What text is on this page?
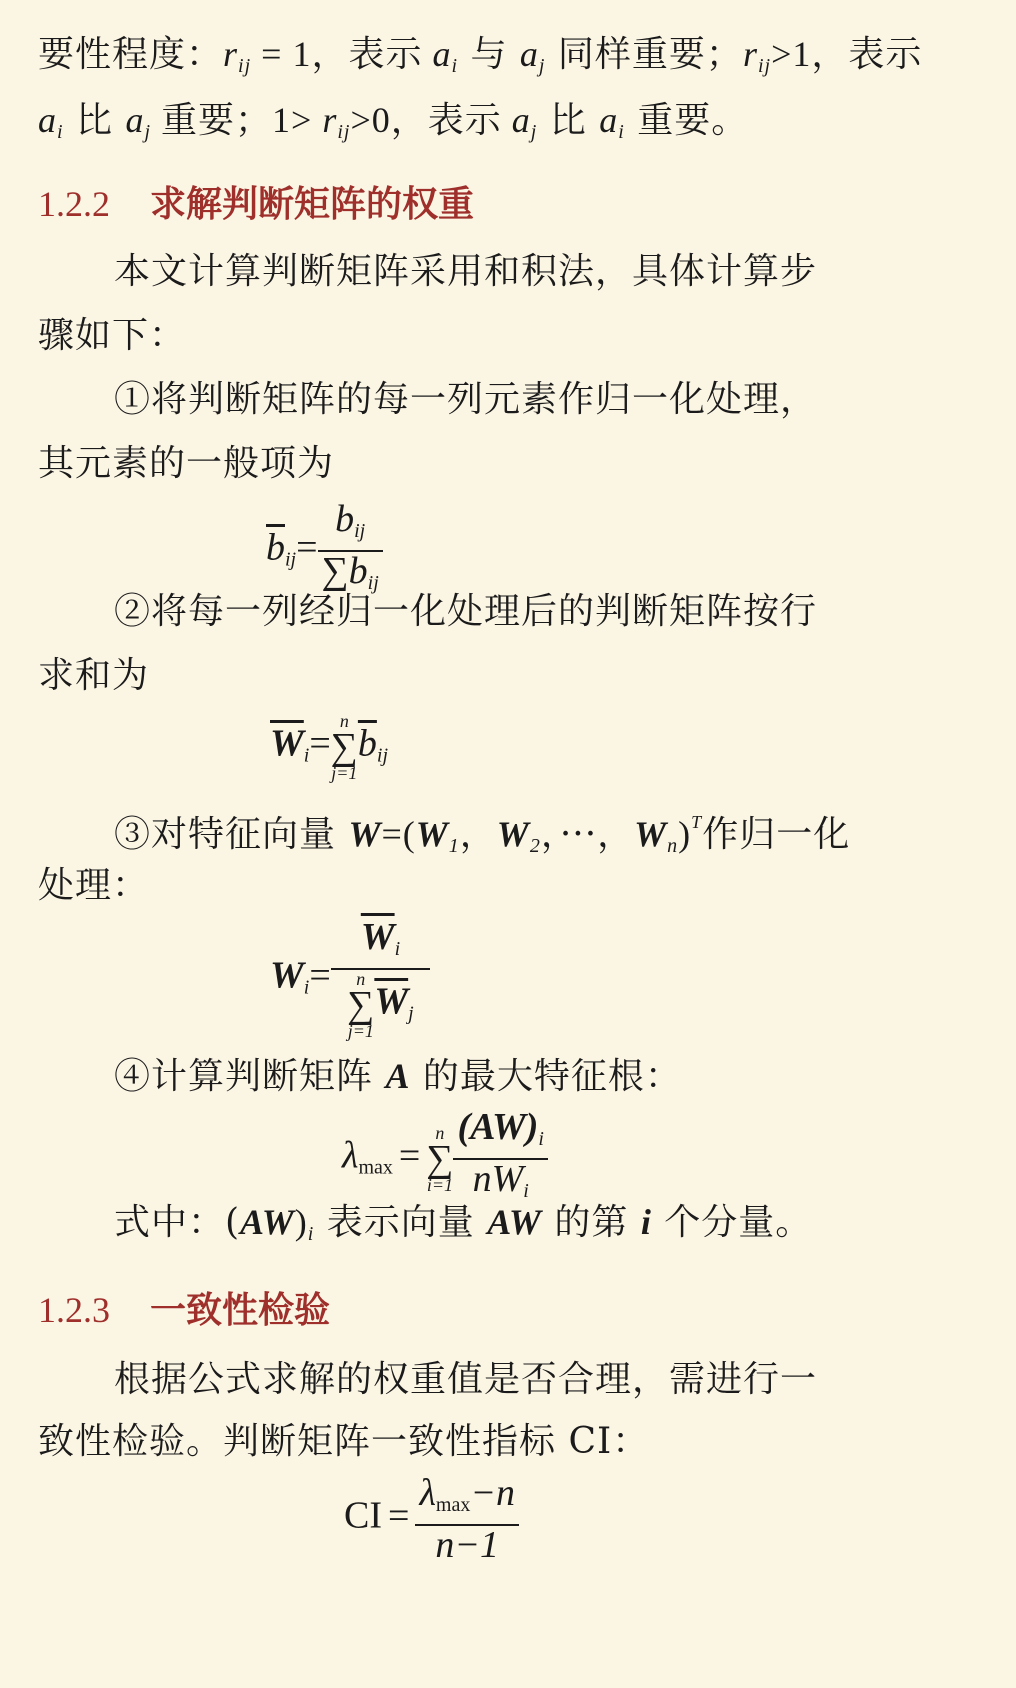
要性程度：$r_{ij} = 1$，表示 $a_i$ 与 $a_j$ 同样重要；$r_{ij}>1$，表示
$a_i$ 比 $a_j$ 重要；$1> r_{ij}>0$，表示 $a_j$ 比 $a_i$ 重要。
1.2.2 求解判断矩阵的权重
本文计算判断矩阵采用和积法，具体计算步
骤如下：
①将判断矩阵的每一列元素作归一化处理，
其元素的一般项为
$\overline{b}_{ij}= \frac{b_{ij}}{\sum b_{ij}}$
②将每一列经归一化处理后的判断矩阵按行
求和为
$\overline{W}_i=$
n
∑
j=1
$\overline{b}_{ij}$
③对特征向量 $W=(W_1$，$W_2$，···，$W_n)^T$作归一化
处理：
$W_i= \overline{W}_i$
n
∑
j=1
$\overline{W}_j$
④计算判断矩阵 A 的最大特征根：
$\lambda_{max}$ =
n
∑
$i=1 \frac{(AW)_i}{nW_i}$
式中：$(AW)_i$ 表示向量 AW 的第 i 个分量。
1.2.3 一致性检验
根据公式求解的权重值是否合理，需进行一
致性检验。判断矩阵一致性指标 CI：
CI = $\frac{\lambda_{max}-n}{n-1}$
